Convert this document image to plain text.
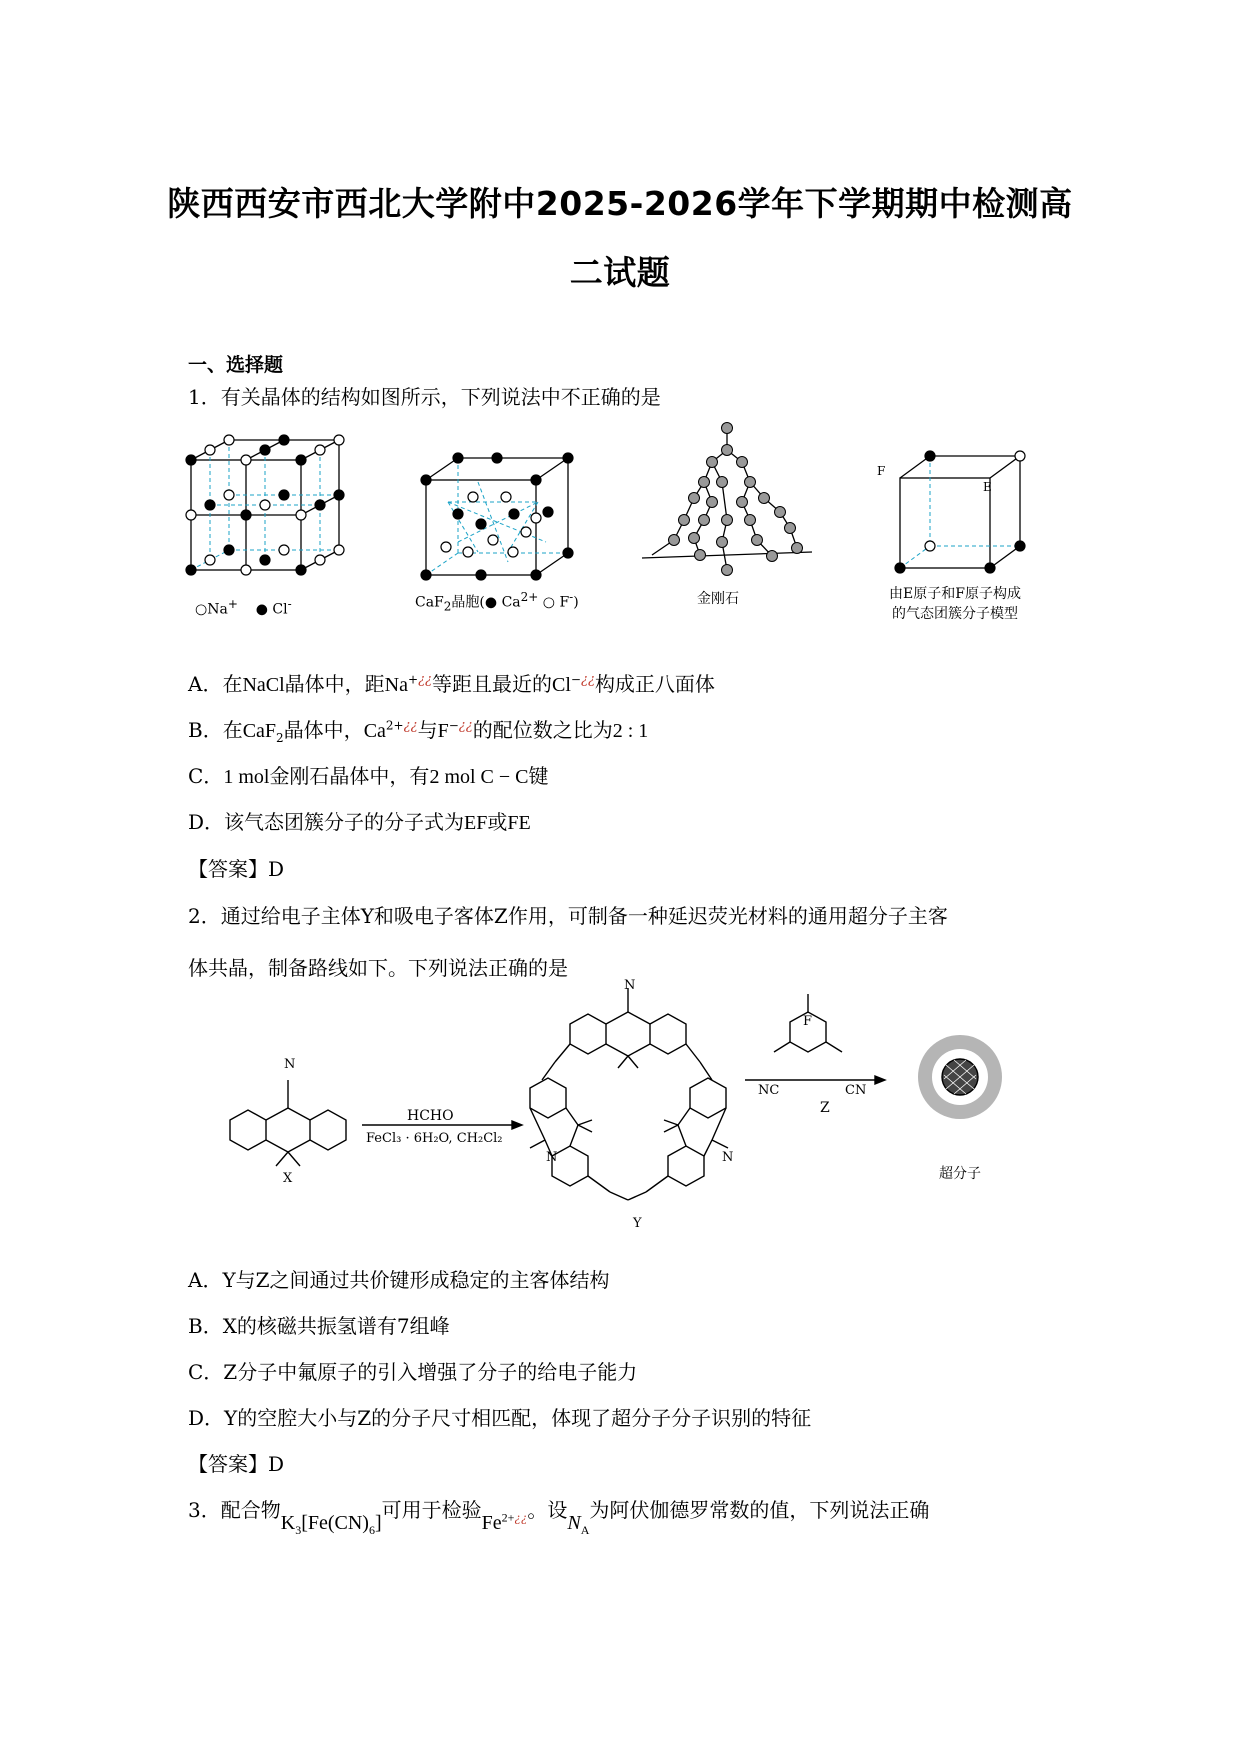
陕西西安市西北大学附中2025-2026学年下学期期中检测高
二试题
一、选择题
1．有关晶体的结构如图所示，下列说法中不正确的是
○Na+    ● Cl-	CaF$_2$晶胞(● $Ca^{2+}$ ○ F-)	金刚石
F
E
由E原子和F原子构成
的气态团簇分子模型
A．在NaCl晶体中，距Na+¿¿等距且最近的Cl−¿¿构成正八面体
B．在CaF$_2$晶体中，$Ca^{2+¿¿}$与F−¿¿的配位数之比为2 : 1
C．1 mol金刚石晶体中，有2 mol C − C键
D．该气态团簇分子的分子式为EF或FE
【答案】D
2．通过给电子主体Y和吸电子客体Z作用，可制备一种延迟荧光材料的通用超分子主客
体共晶，制备路线如下。下列说法正确的是
N
X
HCHO
FeCl₃ · 6H₂O, CH₂Cl₂
N
N	N
Y
F
NC	CN
Z
超分子
A．Y与Z之间通过共价键形成稳定的主客体结构
B．X的核磁共振氢谱有7组峰
C．Z分子中氟原子的引入增强了分子的给电子能力
D．Y的空腔大小与Z的分子尺寸相匹配，体现了超分子分子识别的特征
【答案】D
3．配合物$K_3[Fe(CN)_6]$可用于检验$Fe^{2+¿¿}$。设$N_A$为阿伏伽德罗常数的值，下列说法正确
